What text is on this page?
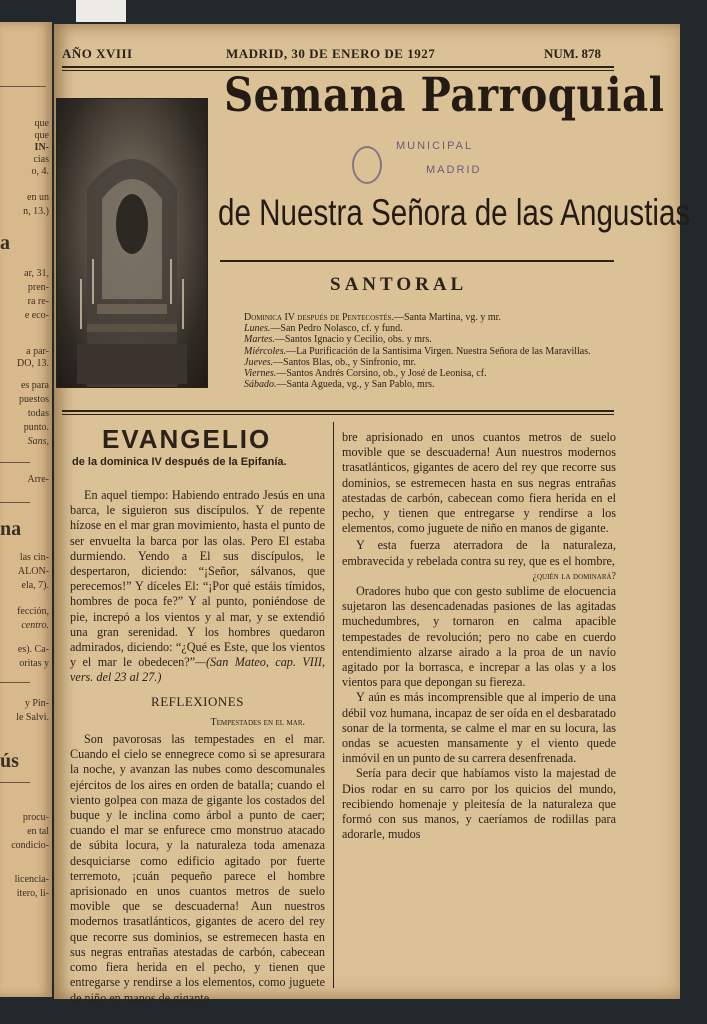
que
que
IN-
cias
o, 4.
en un
n, 13.)
a
ar, 31,
pren-
ra re-
e eco-
a par-
DO, 13.
es para
puestos
todas
punto.
Sans,
Arre-
na
las cin-
ALON-
ela, 7).
fección,
centro.
es). Ca-
oritas y
y Pin-
le Salvi.
ús
procu-
en tal
condicio-
licencia-
itero, li-
AÑO XVIII	MADRID, 30 DE ENERO DE 1927	NUM. 878
Semana Parroquial
MUNICIPAL
MADRID
de Nuestra Señora de las Angustias
SANTORAL
Dominica IV después de Pentecostés.—Santa Martina, vg. y mr.
Lunes.—San Pedro Nolasco, cf. y fund.
Martes.—Santos Ignacio y Cecilio, obs. y mrs.
Miércoles.—La Purificación de la Santísima Virgen. Nuestra Señora de las Maravillas.
Jueves.—Santos Blas, ob., y Sinfronio, mr.
Viernes.—Santos Andrés Corsino, ob., y José de Leonisa, cf.
Sábado.—Santa Agueda, vg., y San Pablo, mrs.
EVANGELIO
de la dominica IV después de la Epifanía.

En aquel tiempo: Habiendo entrado Jesús en una barca, le siguieron sus discípulos. Y de repente hízose en el mar gran movimiento, hasta el punto de ser envuelta la barca por las olas. Pero El estaba durmiendo. Yendo a El sus discípulos, le despertaron, diciendo: “¡Señor, sálvanos, que perecemos!” Y díceles El: “¡Por qué estáis tímidos, hombres de poca fe?” Y al punto, poniéndose de pie, increpó a los vientos y al mar, y se extendió una gran serenidad. Y los hombres quedaron admirados, diciendo: “¿Qué es Este, que los vientos y el mar le obedecen?”—(San Mateo, cap. VIII, vers. del 23 al 27.)

REFLEXIONES

Tempestades en el mar.

Son pavorosas las tempestades en el mar. Cuando el cielo se ennegrece como si se apresurara la noche, y avanzan las nubes como descomunales ejércitos de los aires en orden de batalla; cuando el viento golpea con maza de gigante los costados del buque y le inclina como árbol a punto de caer; cuando el mar se enfurece cmo monstruo atacado de súbita locura, y la naturaleza toda amenaza desquiciarse como edificio agitado por fuerte terremoto, ¡cuán pequeño parece el hombre aprisionado en unos cuantos metros de suelo movible que se descuaderna! Aun nuestros modernos trasatlánticos, gigantes de acero del rey que recorre sus dominios, se estremecen hasta en sus negras entrañas atestadas de carbón, cabecean como fiera herida en el pecho, y tienen que entregarse y rendirse a los elementos, como juguete de niño en manos de gigante.

bre aprisionado en unos cuantos metros de suelo movible que se descuaderna! Aun nuestros modernos trasatlánticos, gigantes de acero del rey que recorre sus dominios, se estremecen hasta en sus negras entrañas atestadas de carbón, cabecean como fiera herida en el pecho, y tienen que entregarse y rendirse a los elementos, como juguete de niño en manos de gigante.

Y esta fuerza aterradora de la naturaleza, embravecida y rebelada contra su rey, que es el hombre,

¿quién la dominará?

Oradores hubo que con gesto sublime de elocuencia sujetaron las desencadenadas pasiones de las agitadas muchedumbres, y tornaron en calma apacible tempestades de revolución; pero no cabe en cuerdo entendimiento alzarse airado a la proa de un navío agitado por la borrasca, e increpar a las olas y a los vientos para que depongan su fiereza.

Y aún es más incomprensible que al imperio de una débil voz humana, incapaz de ser oída en el desbaratado sonar de la tormenta, se calme el mar en su locura, las ondas se acuesten mansamente y el viento quede inmóvil en un punto de su carrera desenfrenada.

Sería para decir que habíamos visto la majestad de Dios rodar en su carro por los quicios del mundo, recibiendo homenaje y pleitesía de la naturaleza que formó con sus manos, y caeríamos de rodillas para adorarle, mudos
